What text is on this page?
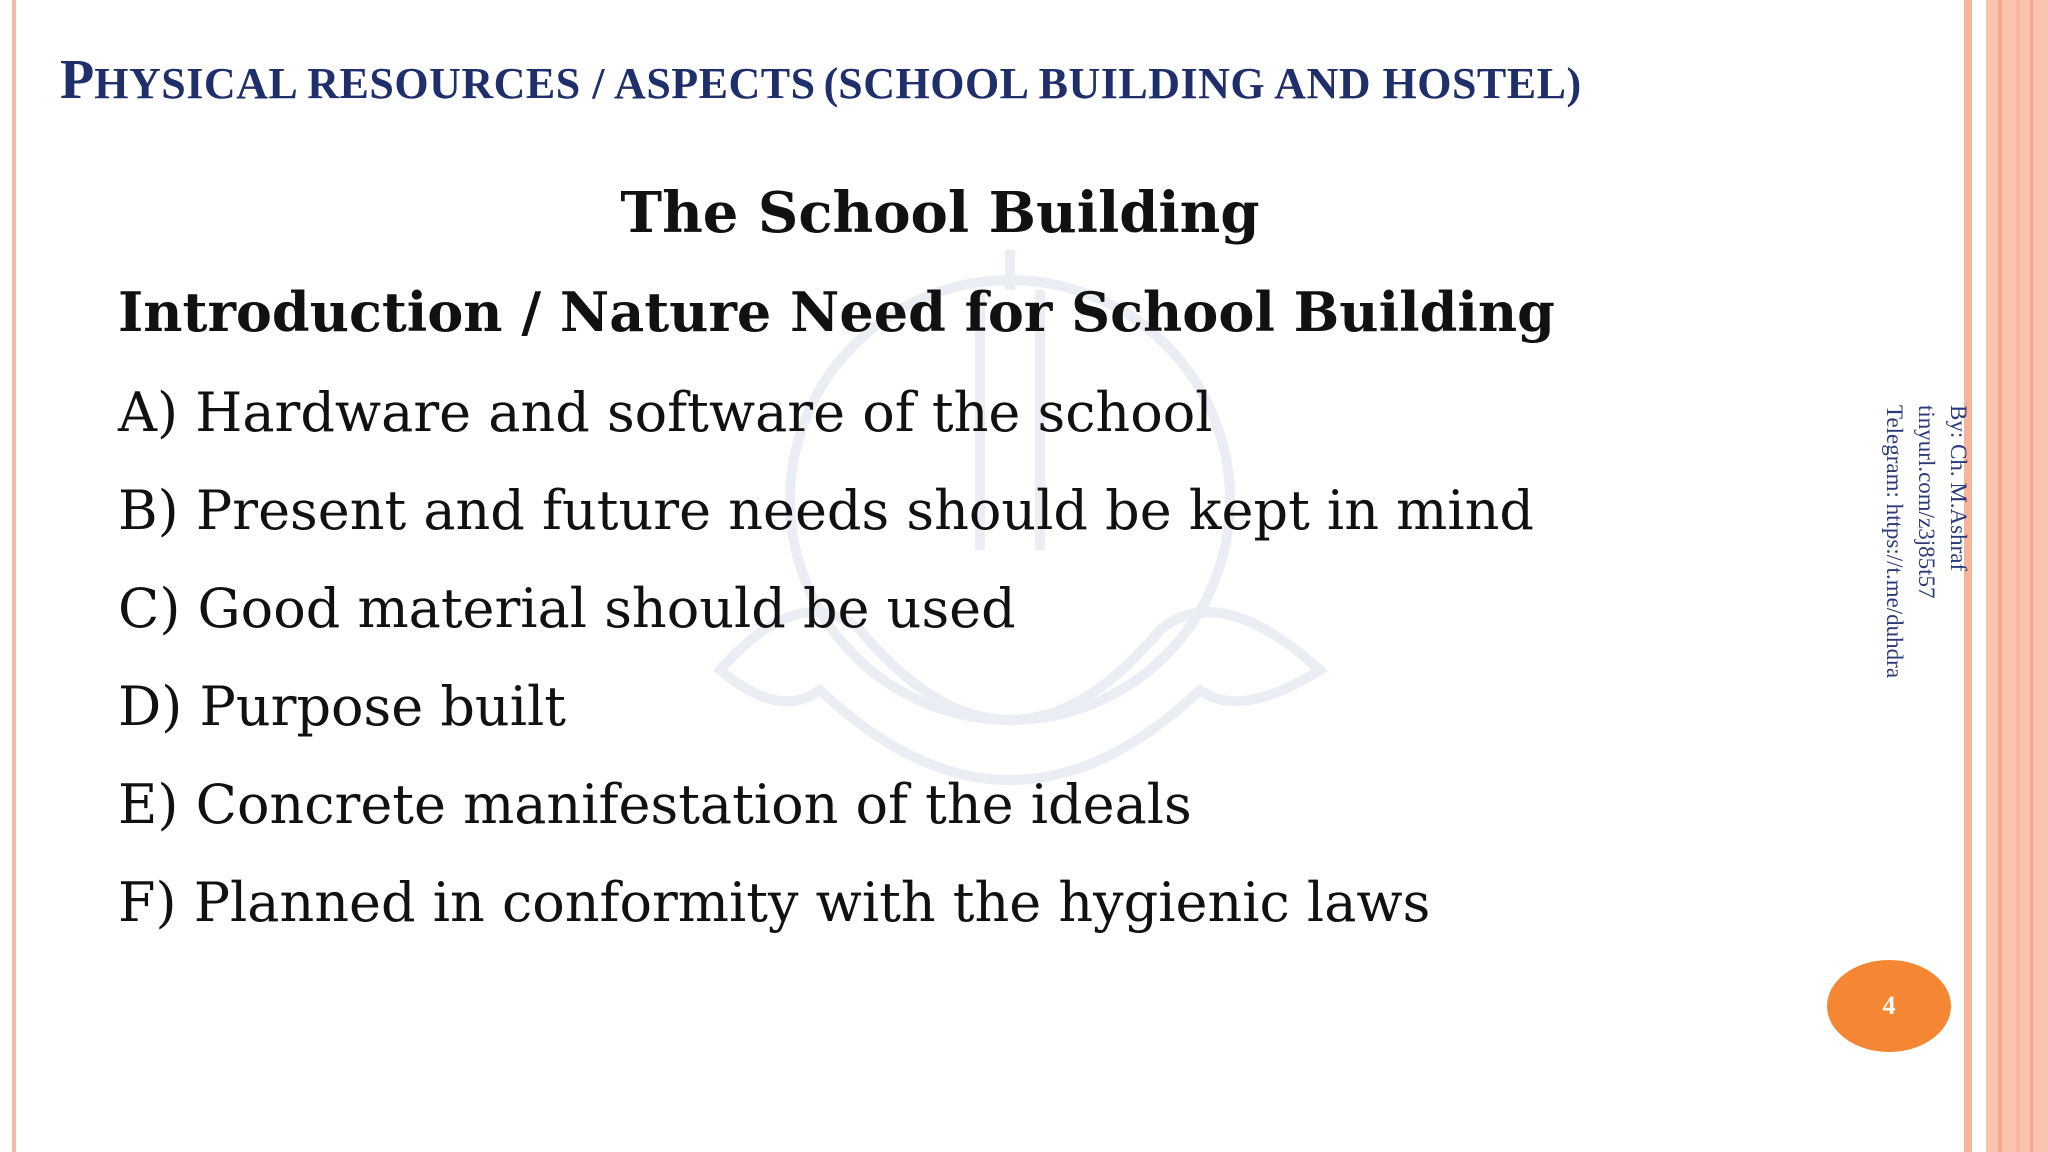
PHYSICAL RESOURCES / ASPECTS (SCHOOL BUILDING AND HOSTEL)
The School Building
Introduction / Nature Need for School Building
A) Hardware and software of the school
B) Present and future needs should be kept in mind
C) Good material should be used
D) Purpose built
E) Concrete manifestation of the ideals
F) Planned in conformity with the hygienic laws
By: Ch. M.Ashraf
tinyurl.com/z3j85t57
Telegram: https://t.me/duhdra
4
